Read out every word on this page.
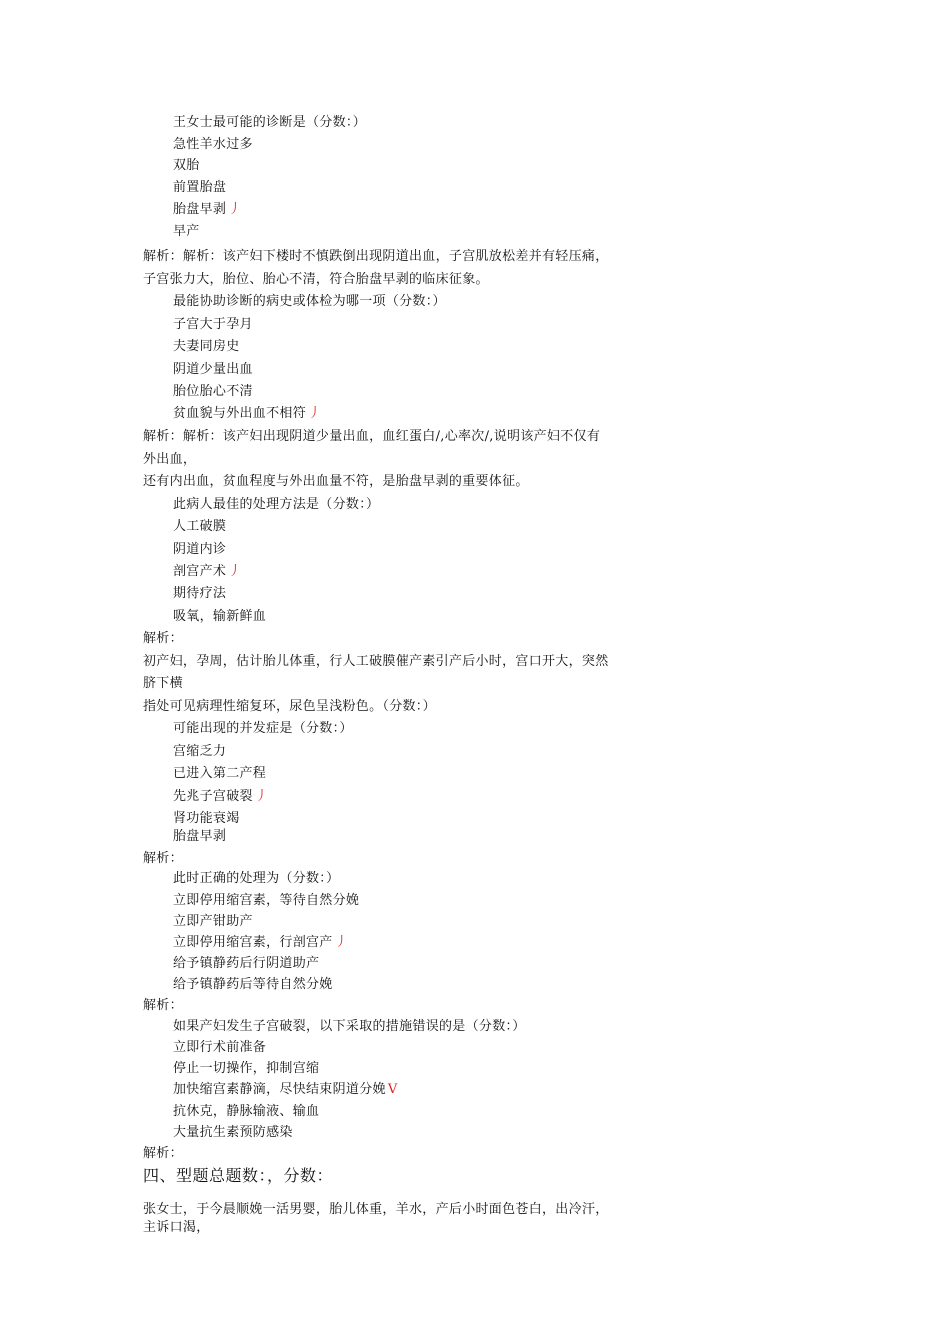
王女士最可能的诊断是（分数：）
急性羊水过多
双胎
前置胎盘
胎盘早剥 丿
早产
解析：解析：该产妇下楼时不慎跌倒出现阴道出血，子宫肌放松差并有轻压痛，
子宫张力大，胎位、胎心不清，符合胎盘早剥的临床征象。
最能协助诊断的病史或体检为哪一项（分数：）
子宫大于孕月
夫妻同房史
阴道少量出血
胎位胎心不清
贫血貌与外出血不相符 丿
解析：解析：该产妇出现阴道少量出血，血红蛋白/,心率次/,说明该产妇不仅有
外出血，
还有内出血，贫血程度与外出血量不符，是胎盘早剥的重要体征。
此病人最佳的处理方法是（分数：）
人工破膜
阴道内诊
剖宫产术 丿
期待疗法
吸氧，输新鲜血
解析：
初产妇，孕周，估计胎儿体重，行人工破膜催产素引产后小时，宫口开大，突然
脐下横
指处可见病理性缩复环，尿色呈浅粉色。（分数：）
可能出现的并发症是（分数：）
宫缩乏力
已进入第二产程
先兆子宫破裂 丿
肾功能衰竭
胎盘早剥
解析：
此时正确的处理为（分数：）
立即停用缩宫素，等待自然分娩
立即产钳助产
立即停用缩宫素，行剖宫产 丿
给予镇静药后行阴道助产
给予镇静药后等待自然分娩
解析：
如果产妇发生子宫破裂，以下采取的措施错误的是（分数：）
立即行术前准备
停止一切操作，抑制宫缩
加快缩宫素静滴，尽快结束阴道分娩 V
抗休克，静脉输液、输血
大量抗生素预防感染
解析：
四、型题总题数：，分数：
张女士，于今晨顺娩一活男婴，胎儿体重，羊水，产后小时面色苍白，出冷汗，
主诉口渴，
